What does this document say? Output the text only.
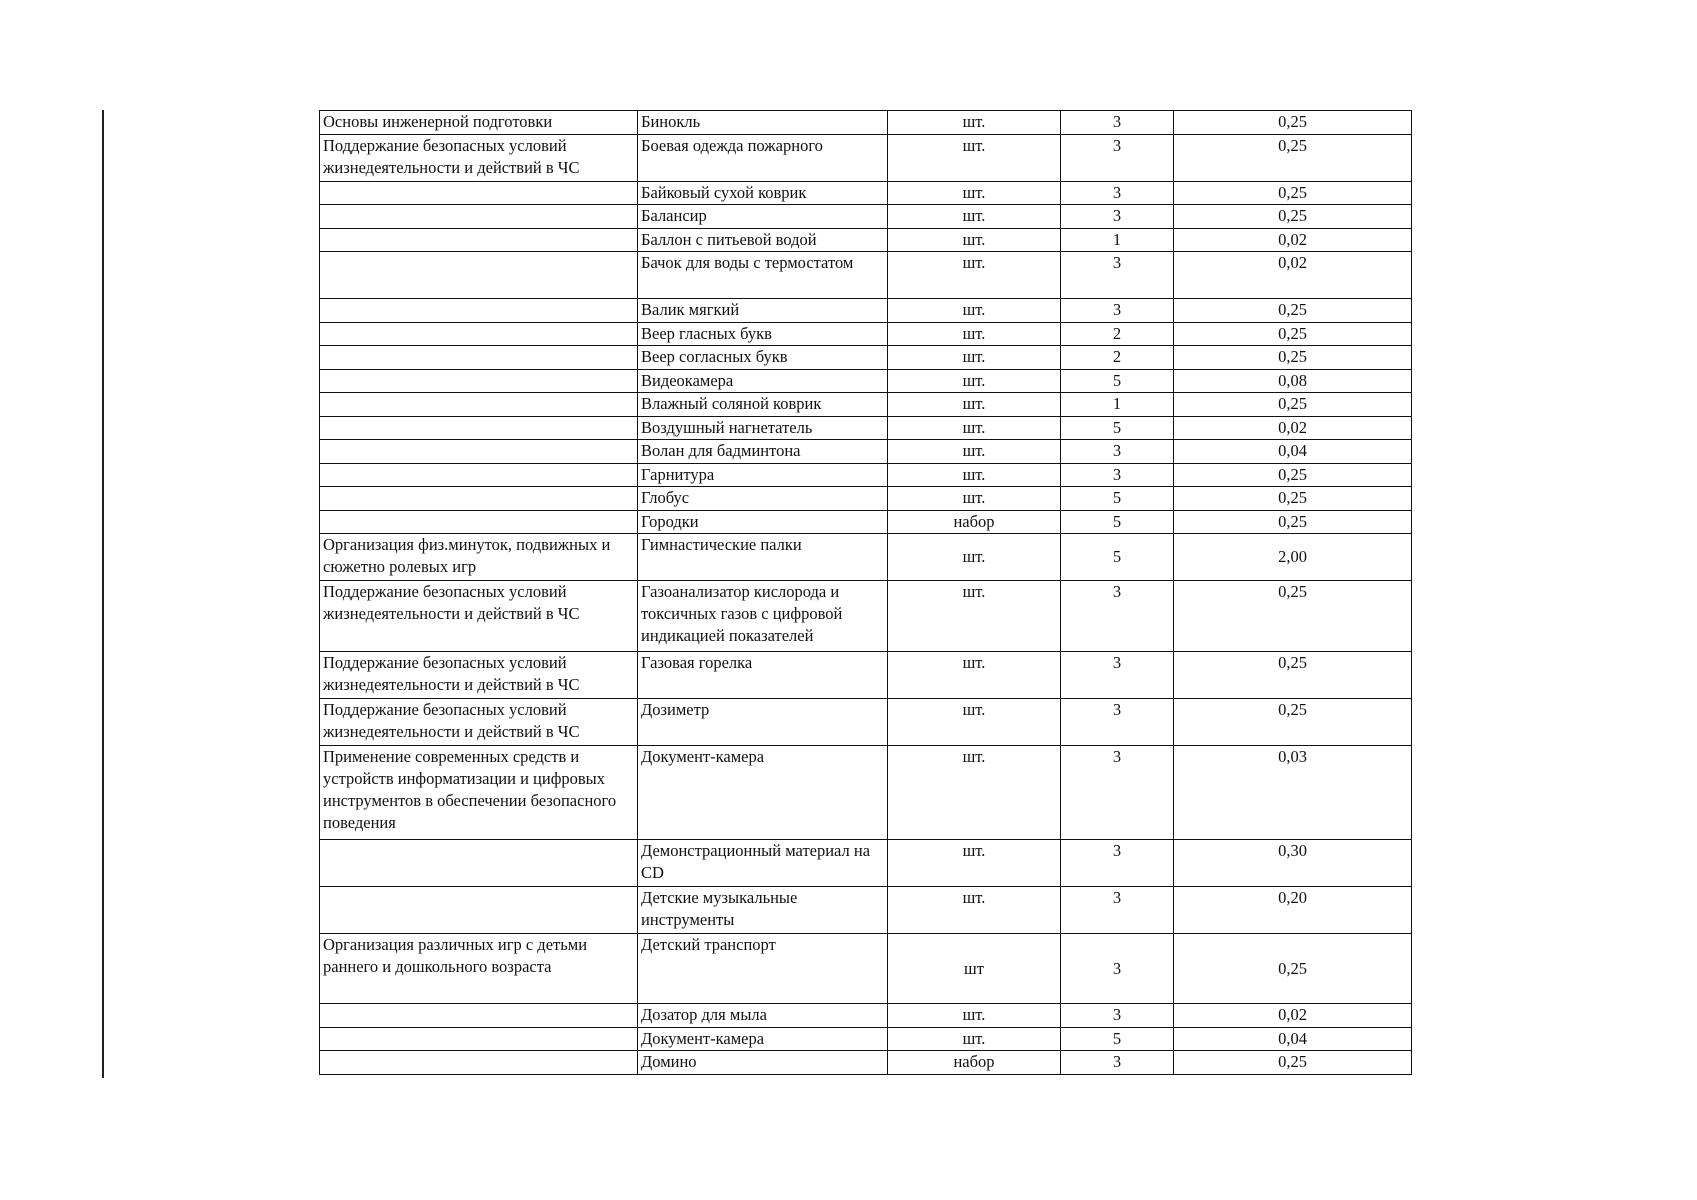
Основы инженерной подготовки	Бинокль	шт.	3	0,25
Поддержание безопасных условий жизнедеятельности и действий в ЧС	Боевая одежда пожарного	шт.	3	0,25
	Байковый сухой коврик	шт.	3	0,25
	Балансир	шт.	3	0,25
	Баллон с питьевой водой	шт.	1	0,02
	Бачок для воды с термостатом	шт.	3	0,02
	Валик мягкий	шт.	3	0,25
	Веер гласных букв	шт.	2	0,25
	Веер согласных букв	шт.	2	0,25
	Видеокамера	шт.	5	0,08
	Влажный соляной коврик	шт.	1	0,25
	Воздушный нагнетатель	шт.	5	0,02
	Волан для бадминтона	шт.	3	0,04
	Гарнитура	шт.	3	0,25
	Глобус	шт.	5	0,25
	Городки	набор	5	0,25
Организация физ.минуток, подвижных и сюжетно ролевых игр	Гимнастические палки	шт.	5	2,00
Поддержание безопасных условий жизнедеятельности и действий в ЧС	Газоанализатор кислорода и токсичных газов с цифровой индикацией показателей	шт.	3	0,25
Поддержание безопасных условий жизнедеятельности и действий в ЧС	Газовая горелка	шт.	3	0,25
Поддержание безопасных условий жизнедеятельности и действий в ЧС	Дозиметр	шт.	3	0,25
Применение современных средств и устройств информатизации и цифровых инструментов в обеспечении безопасного поведения	Документ-камера	шт.	3	0,03
	Демонстрационный материал на CD	шт.	3	0,30
	Детские музыкальные инструменты	шт.	3	0,20
Организация различных игр с детьми раннего и дошкольного возраста	Детский транспорт	шт	3	0,25
	Дозатор для мыла	шт.	3	0,02
	Документ-камера	шт.	5	0,04
	Домино	набор	3	0,25
